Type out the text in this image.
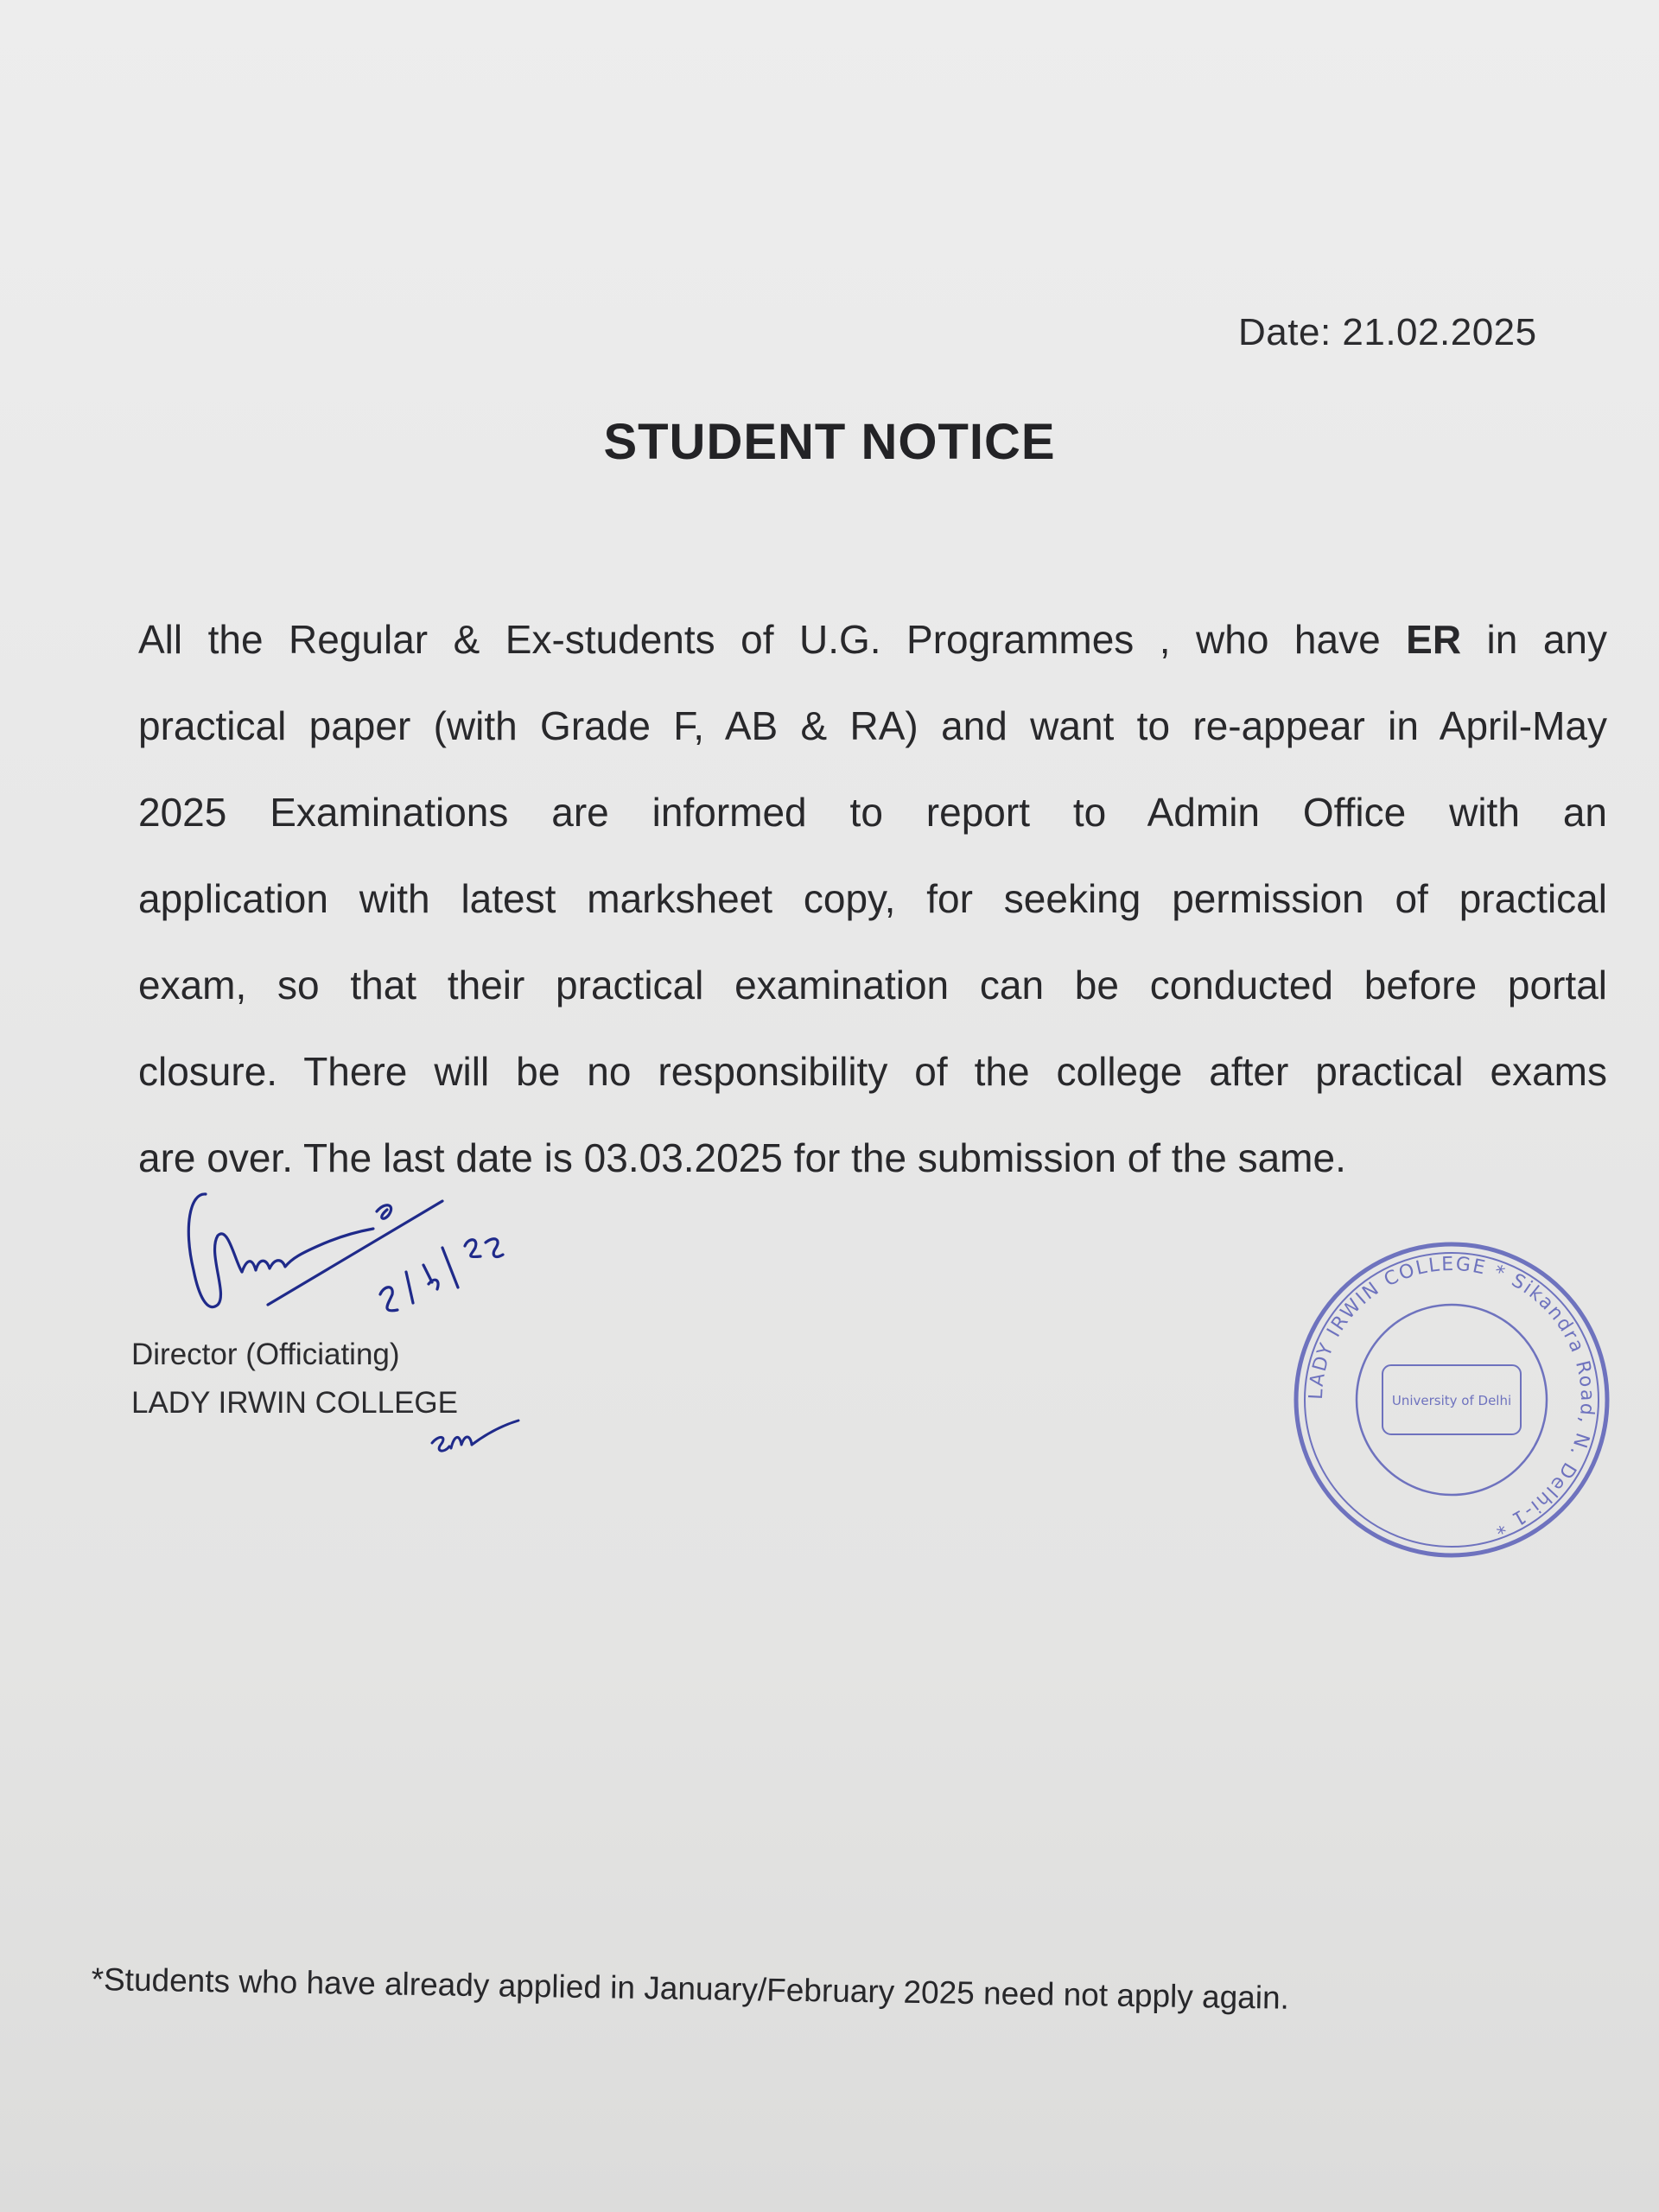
Date: 21.02.2025
STUDENT NOTICE
All the Regular & Ex-students of U.G. Programmes , who have ER in any
practical paper (with Grade F, AB & RA) and want to re-appear in April-May
2025 Examinations are informed to report to Admin Office with an
application with latest marksheet copy, for seeking permission of practical
exam, so that their practical examination can be conducted before portal
closure. There will be no responsibility of the college after practical exams
are over. The last date is 03.03.2025 for the submission of the same.
Director (Officiating)
LADY IRWIN COLLEGE	LADY IRWIN COLLEGE * Sikandra Road, N. Delhi-1 *
University of Delhi
*Students who have already applied in January/February 2025 need not apply again.
